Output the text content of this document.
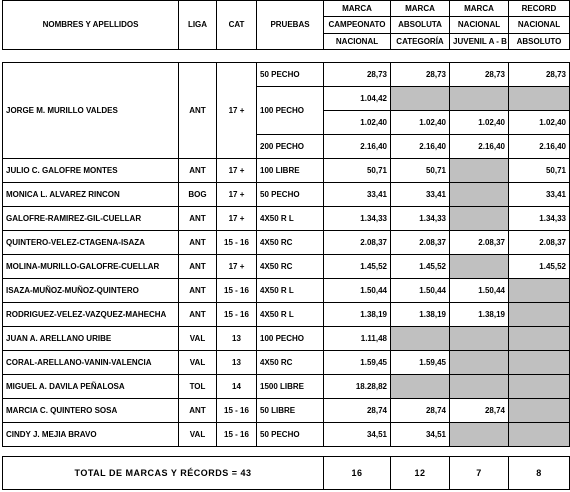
NOMBRES Y APELLIDOS	LIGA	CAT	PRUEBAS	MARCA	MARCA	MARCA	RECORD
				CAMPEONATO	ABSOLUTA	NACIONAL	NACIONAL
				NACIONAL	CATEGORÍA	JUVENIL A - B	ABSOLUTO
JORGE M. MURILLO VALDES	ANT	17 +	50 PECHO	28,73	28,73	28,73	28,73
			100 PECHO	1.04,42			
				1.02,40	1.02,40	1.02,40	1.02,40
			200 PECHO	2.16,40	2.16,40	2.16,40	2.16,40
JULIO C. GALOFRE MONTES	ANT	17 +	100 LIBRE	50,71	50,71		50,71
MONICA L. ALVAREZ RINCON	BOG	17 +	50 PECHO	33,41	33,41		33,41
GALOFRE-RAMIREZ-GIL-CUELLAR	ANT	17 +	4X50 R L	1.34,33	1.34,33		1.34,33
QUINTERO-VELEZ-CTAGENA-ISAZA	ANT	15 - 16	4X50 RC	2.08,37	2.08,37	2.08,37	2.08,37
MOLINA-MURILLO-GALOFRE-CUELLAR	ANT	17 +	4X50 RC	1.45,52	1.45,52		1.45,52
ISAZA-MUÑOZ-MUÑOZ-QUINTERO	ANT	15 - 16	4X50 R L	1.50,44	1.50,44	1.50,44	
RODRIGUEZ-VELEZ-VAZQUEZ-MAHECHA	ANT	15 - 16	4X50 R L	1.38,19	1.38,19	1.38,19	
JUAN A. ARELLANO URIBE	VAL	13	100 PECHO	1.11,48			
CORAL-ARELLANO-VANIN-VALENCIA	VAL	13	4X50 RC	1.59,45	1.59,45		
MIGUEL A. DAVILA PEÑALOSA	TOL	14	1500 LIBRE	18.28,82			
MARCIA C. QUINTERO SOSA	ANT	15 - 16	50 LIBRE	28,74	28,74	28,74	
CINDY J. MEJIA BRAVO	VAL	15 - 16	50 PECHO	34,51	34,51		
TOTAL DE MARCAS Y RÉCORDS = 43	16	12	7	8
